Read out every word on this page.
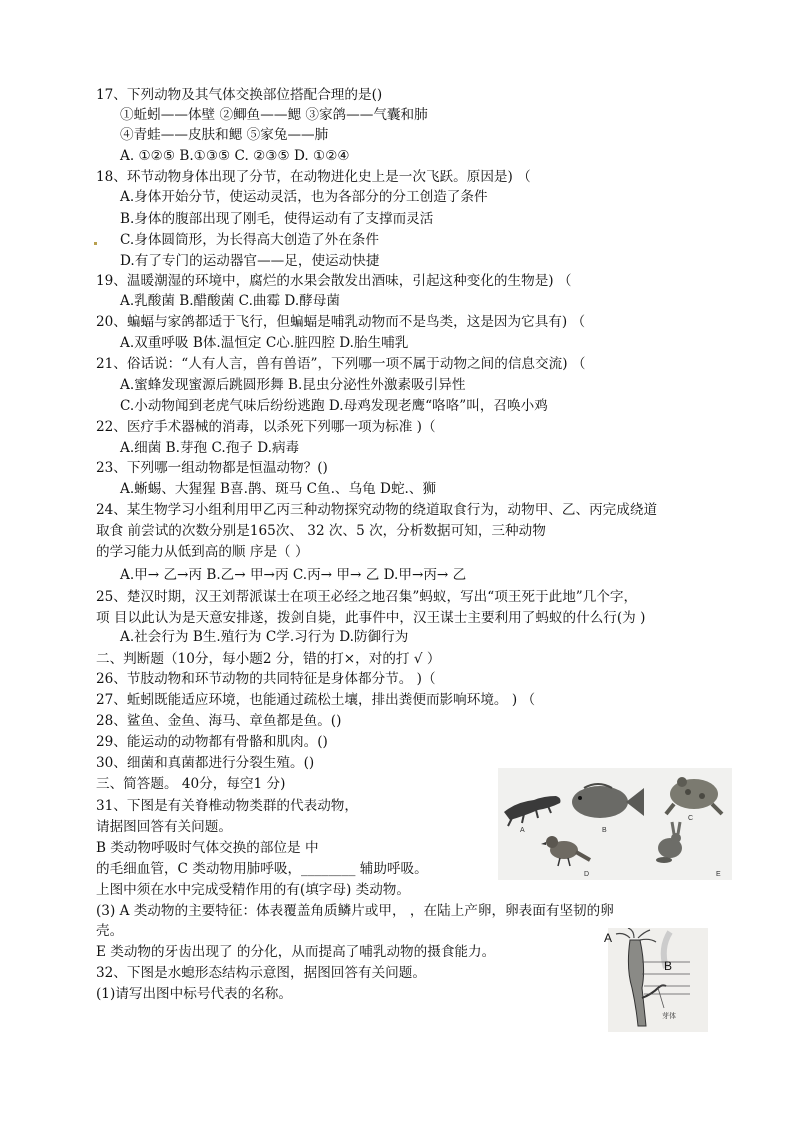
17、下列动物及其气体交换部位搭配合理的是()
①蚯蚓——体壁 ②鲫鱼——鳃 ③家鸽——气囊和肺
④青蛙——皮肤和鳃 ⑤家兔——肺
A. ①②⑤ B.①③⑤ C. ②③⑤ D. ①②④
18、环节动物身体出现了分节，在动物进化史上是一次飞跃。原因是) （
A.身体开始分节，使运动灵活，也为各部分的分工创造了条件
B.身体的腹部出现了刚毛，使得运动有了支撑而灵活
C.身体圆筒形，为长得高大创造了外在条件
D.有了专门的运动器官——足，使运动快捷
19、温暖潮湿的环境中，腐烂的水果会散发出酒味，引起这种变化的生物是) （
A.乳酸菌 B.醋酸菌 C.曲霉 D.酵母菌
20、蝙蝠与家鸽都适于飞行，但蝙蝠是哺乳动物而不是鸟类，这是因为它具有) （
A.双重呼吸 B体.温恒定 C心.脏四腔 D.胎生哺乳
21、俗话说：“人有人言，兽有兽语”，下列哪一项不属于动物之间的信息交流) （
A.蜜蜂发现蜜源后跳圆形舞 B.昆虫分泌性外激素吸引异性
C.小动物闻到老虎气味后纷纷逃跑 D.母鸡发现老鹰“咯咯”叫，召唤小鸡
22、医疗手术器械的消毒，以杀死下列哪一项为标准 )（
A.细菌 B.芽孢 C.孢子 D.病毒
23、下列哪一组动物都是恒温动物？()
A.蜥蜴、大猩猩 B喜.鹊、斑马 C鱼.、乌龟 D蛇.、狮
24、某生物学习小组利用甲乙丙三种动物探究动物的绕道取食行为，动物甲、乙、丙完成绕道
取食 前尝试的次数分别是165次、 32 次、5 次，分析数据可知，三种动物
的学习能力从低到高的顺 序是（ ）
A.甲→ 乙→丙 B.乙→ 甲→丙 C.丙→ 甲→ 乙 D.甲→丙→ 乙
25、楚汉时期，汉王刘帮派谋士在项王必经之地召集”蚂蚁，写出“项王死于此地”几个字，
项 目以此认为是天意安排遂，拨剑自毙，此事件中，汉王谋士主要利用了蚂蚁的什么行(为 )
A.社会行为 B生.殖行为 C学.习行为 D.防御行为
二、判断题（10分，每小题2 分，错的打×，对的打 √ ）
26、节肢动物和环节动物的共同特征是身体都分节。 )（
27、蚯蚓既能适应环境，也能通过疏松土壤，排出粪便而影响环境。 ) （
28、鲨鱼、金鱼、海马、章鱼都是鱼。()
29、能运动的动物都有骨骼和肌肉。()
30、细菌和真菌都进行分裂生殖。()
三、简答题。 40分，每空1 分)
31、下图是有关脊椎动物类群的代表动物，
请据图回答有关问题。
B 类动物呼吸时气体交换的部位是 中
的毛细血管，C 类动物用肺呼吸，________ 辅助呼吸。
上图中须在水中完成受精作用的有(填字母) 类动物。
(3) A 类动物的主要特征：体表覆盖角质鳞片或甲， ，在陆上产卵，卵表面有坚韧的卵
壳。
E 类动物的牙齿出现了 的分化，从而提高了哺乳动物的摄食能力。
32、下图是水螅形态结构示意图，据图回答有关问题。
(1)请写出图中标号代表的名称。
A	B
C
D	E
A
B
芽体
